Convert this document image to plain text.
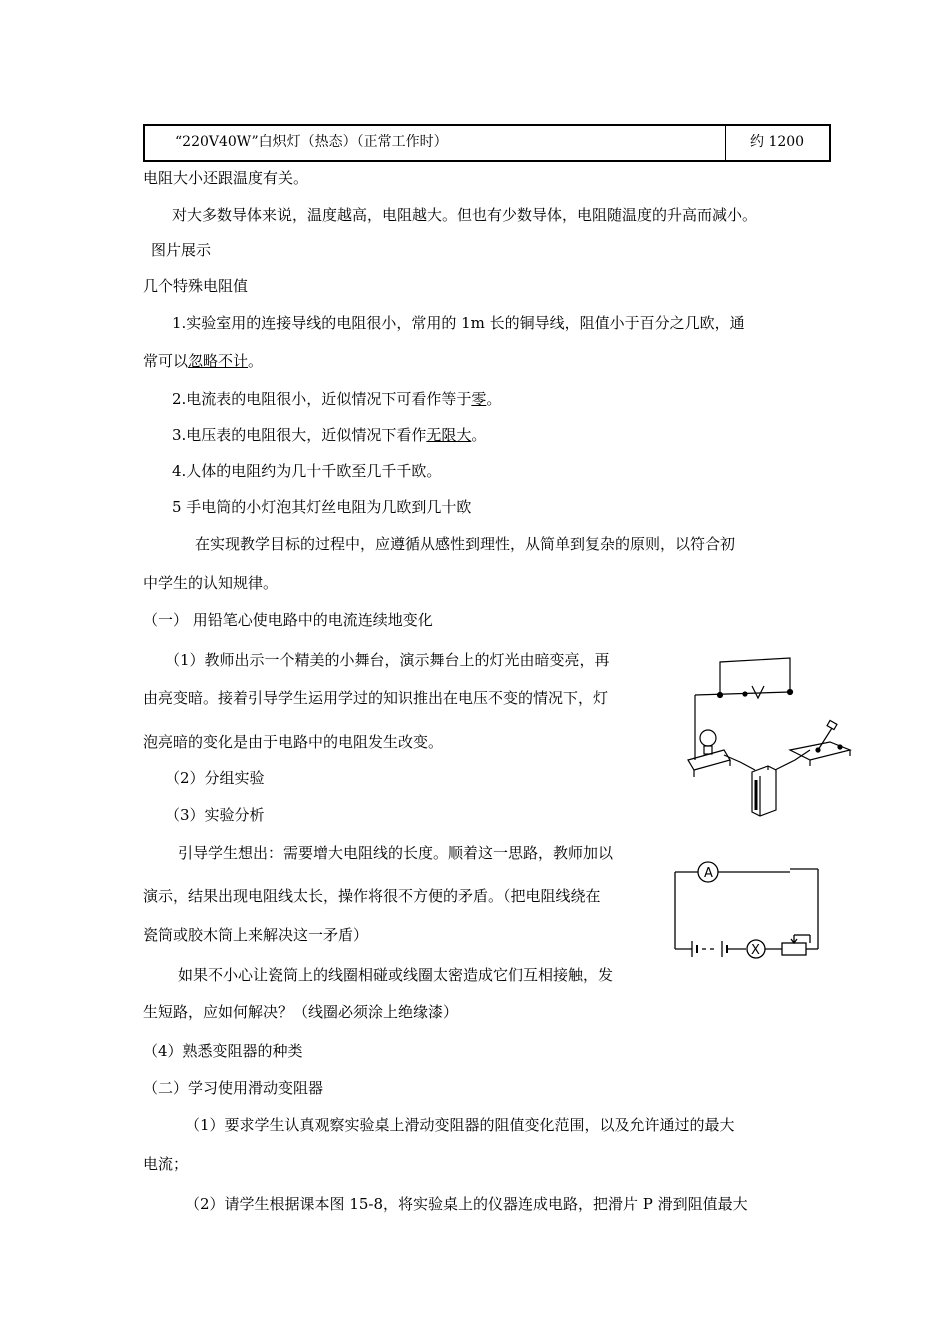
“220V40W”白炽灯（热态）（正常工作时）	约 1200
电阻大小还跟温度有关。
对大多数导体来说，温度越高，电阻越大。但也有少数导体，电阻随温度的升高而减小。
图片展示
几个特殊电阻值
1.实验室用的连接导线的电阻很小，常用的 1m 长的铜导线，阻值小于百分之几欧，通
常可以忽略不计。
2.电流表的电阻很小，近似情况下可看作等于零。
3.电压表的电阻很大，近似情况下看作无限大。
4.人体的电阻约为几十千欧至几千千欧。
5 手电筒的小灯泡其灯丝电阻为几欧到几十欧
在实现教学目标的过程中，应遵循从感性到理性，从简单到复杂的原则，以符合初
中学生的认知规律。
（一） 用铅笔心使电路中的电流连续地变化
（1）教师出示一个精美的小舞台，演示舞台上的灯光由暗变亮，再
由亮变暗。接着引导学生运用学过的知识推出在电压不变的情况下，灯
泡亮暗的变化是由于电路中的电阻发生改变。
（2）分组实验
（3）实验分析
引导学生想出：需要增大电阻线的长度。顺着这一思路，教师加以
演示，结果出现电阻线太长，操作将很不方便的矛盾。（把电阻线绕在
瓷筒或胶木筒上来解决这一矛盾）
如果不小心让瓷筒上的线圈相碰或线圈太密造成它们互相接触，发
生短路，应如何解决？（线圈必须涂上绝缘漆）
（4）熟悉变阻器的种类
（二）学习使用滑动变阻器
（1）要求学生认真观察实验桌上滑动变阻器的阻值变化范围，以及允许通过的最大
电流；
（2）请学生根据课本图 15-8，将实验桌上的仪器连成电路，把滑片 P 滑到阻值最大
A
X
